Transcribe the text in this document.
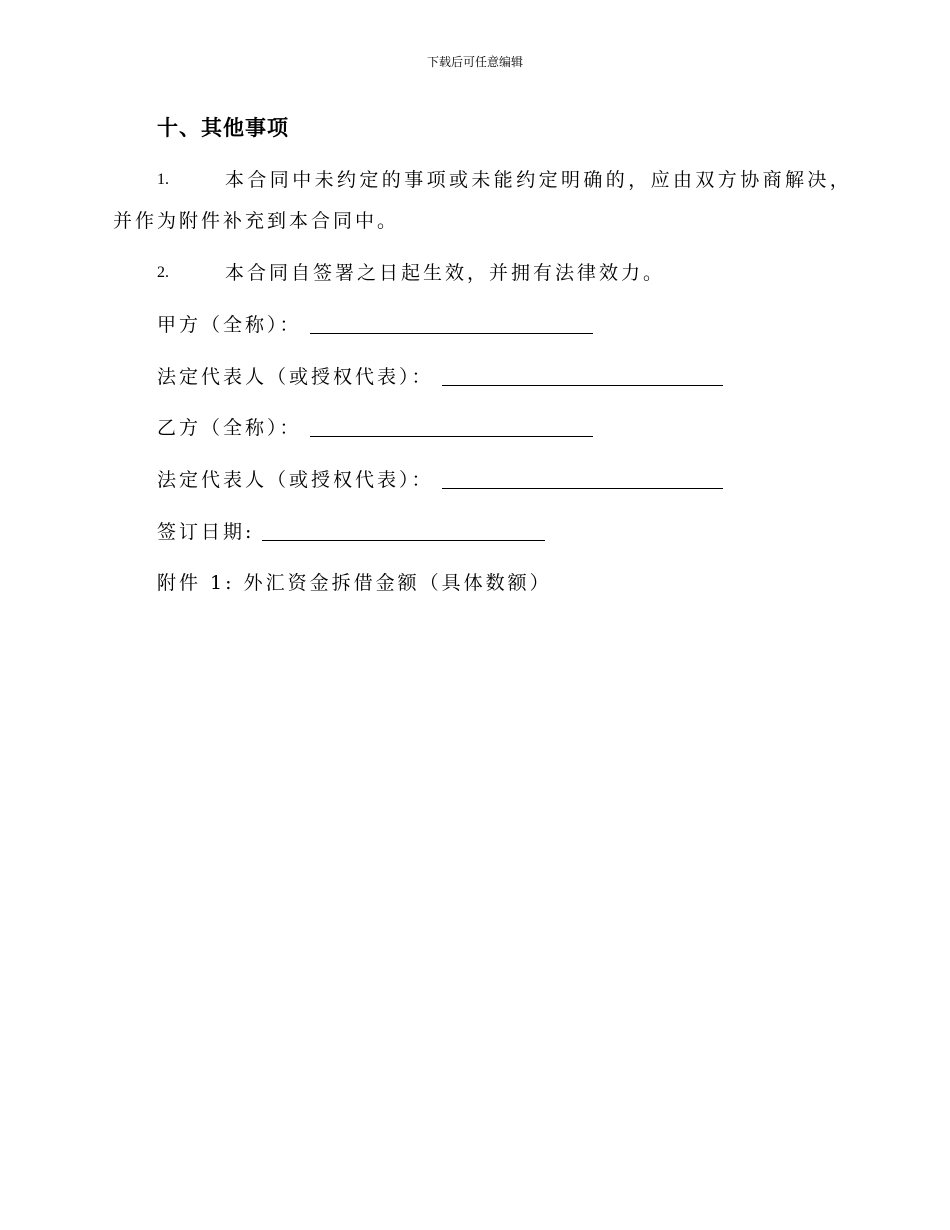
下载后可任意编辑
十、其他事项
1.	本合同中未约定的事项或未能约定明确的，应由双方协商解决，
并作为附件补充到本合同中。
2.	本合同自签署之日起生效，并拥有法律效力。
甲方（全称）：
法定代表人（或授权代表）：
乙方（全称）：
法定代表人（或授权代表）：
签订日期:
附件 1: 外汇资金拆借金额（具体数额）
